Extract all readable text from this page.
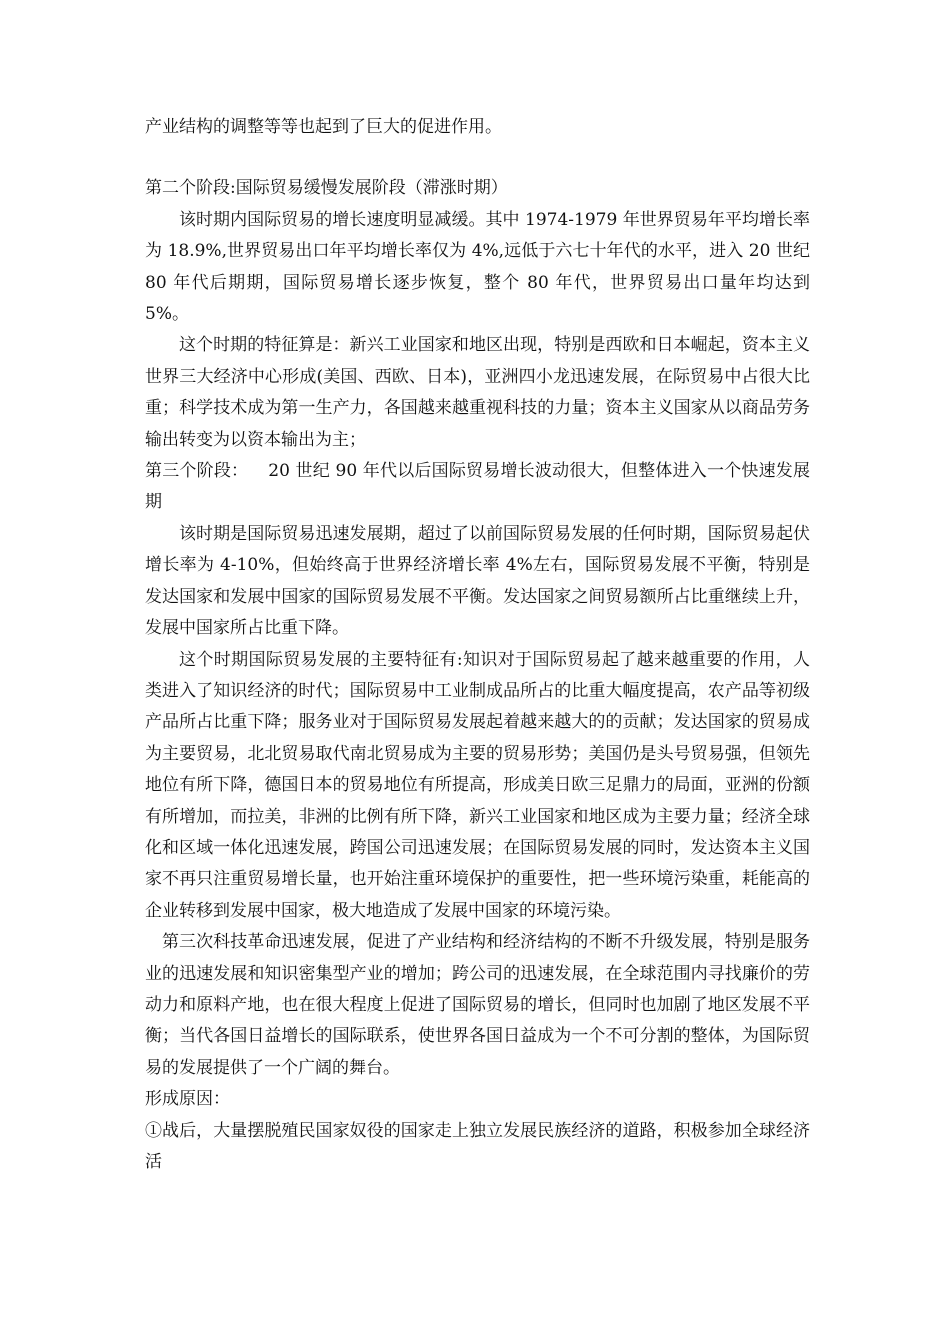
产业结构的调整等等也起到了巨大的促进作用。

第二个阶段:国际贸易缓慢发展阶段（滞涨时期）

该时期内国际贸易的增长速度明显减缓。其中 1974-1979 年世界贸易年平均增长率为 18.9%,世界贸易出口年平均增长率仅为 4%,远低于六七十年代的水平，进入 20 世纪 80 年代后期期，国际贸易增长逐步恢复，整个 80 年代，世界贸易出口量年均达到 5%。

这个时期的特征算是：新兴工业国家和地区出现，特别是西欧和日本崛起，资本主义世界三大经济中心形成(美国、西欧、日本)，亚洲四小龙迅速发展，在际贸易中占很大比重；科学技术成为第一生产力，各国越来越重视科技的力量；资本主义国家从以商品劳务输出转变为以资本输出为主；

第三个阶段： 20 世纪 90 年代以后国际贸易增长波动很大，但整体进入一个快速发展期

该时期是国际贸易迅速发展期，超过了以前国际贸易发展的任何时期，国际贸易起伏增长率为 4-10%，但始终高于世界经济增长率 4%左右，国际贸易发展不平衡，特别是发达国家和发展中国家的国际贸易发展不平衡。发达国家之间贸易额所占比重继续上升，发展中国家所占比重下降。

这个时期国际贸易发展的主要特征有:知识对于国际贸易起了越来越重要的作用，人类进入了知识经济的时代；国际贸易中工业制成品所占的比重大幅度提高，农产品等初级产品所占比重下降；服务业对于国际贸易发展起着越来越大的的贡献；发达国家的贸易成为主要贸易，北北贸易取代南北贸易成为主要的贸易形势；美国仍是头号贸易强，但领先地位有所下降，德国日本的贸易地位有所提高，形成美日欧三足鼎力的局面，亚洲的份额有所增加，而拉美，非洲的比例有所下降，新兴工业国家和地区成为主要力量；经济全球化和区域一体化迅速发展，跨国公司迅速发展；在国际贸易发展的同时，发达资本主义国家不再只注重贸易增长量，也开始注重环境保护的重要性，把一些环境污染重，耗能高的企业转移到发展中国家，极大地造成了发展中国家的环境污染。

第三次科技革命迅速发展，促进了产业结构和经济结构的不断不升级发展，特别是服务业的迅速发展和知识密集型产业的增加；跨公司的迅速发展，在全球范围内寻找廉价的劳动力和原料产地，也在很大程度上促进了国际贸易的增长，但同时也加剧了地区发展不平衡；当代各国日益增长的国际联系，使世界各国日益成为一个不可分割的整体，为国际贸易的发展提供了一个广阔的舞台。

形成原因：

①战后，大量摆脱殖民国家奴役的国家走上独立发展民族经济的道路，积极参加全球经济活
